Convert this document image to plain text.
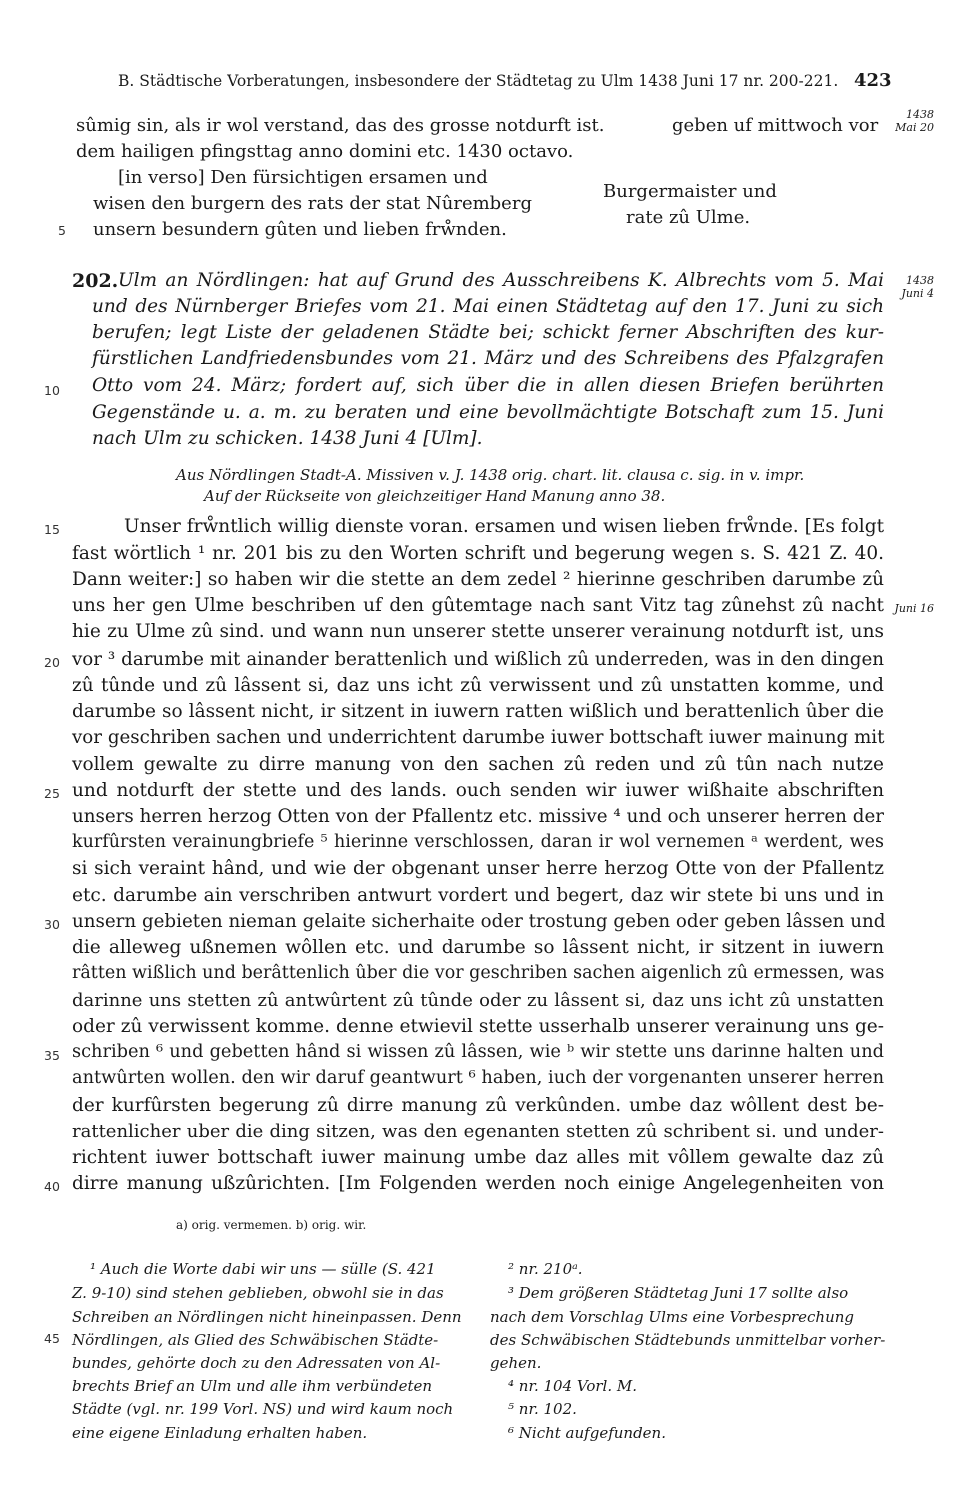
B. Städtische Vorberatungen, insbesondere der Städtetag zu Ulm 1438 Juni 17 nr. 200-221. 423
sûmig sin, als ir wol verstand, das des grosse notdurft ist.
dem hailigen pfingsttag anno domini etc. 1430 octavo.
[in verso] Den fürsichtigen ersamen und
wisen den burgern des rats der stat Nûremberg
unsern besundern gûten und lieben frẘnden.
geben uf mittwoch vor
Burgermaister und
rate zû Ulme.
1438
Mai 20
202.	1438
Juni 4
Ulm an Nördlingen: hat auf Grund des Ausschreibens K. Albrechts vom 5. Mai
und des Nürnberger Briefes vom 21. Mai einen Städtetag auf den 17. Juni zu sich
berufen; legt Liste der geladenen Städte bei; schickt ferner Abschriften des kur-
fürstlichen Landfriedensbundes vom 21. März und des Schreibens des Pfalzgrafen
Otto vom 24. März; fordert auf, sich über die in allen diesen Briefen berührten
Gegenstände u. a. m. zu beraten und eine bevollmächtigte Botschaft zum 15. Juni
nach Ulm zu schicken. 1438 Juni 4 [Ulm].
Aus Nördlingen Stadt-A. Missiven v. J. 1438 orig. chart. lit. clausa c. sig. in v. impr.
Auf der Rückseite von gleichzeitiger Hand Manung anno 38.
Unser frẘntlich willig dienste voran. ersamen und wisen lieben frẘnde. [Es folgt
fast wörtlich ¹ nr. 201 bis zu den Worten schrift und begerung wegen s. S. 421 Z. 40.
Dann weiter:] so haben wir die stette an dem zedel ² hierinne geschriben darumbe zû
uns her gen Ulme beschriben uf den gûtemtage nach sant Vitz tag zûnehst zû nacht
hie zu Ulme zû sind. und wann nun unserer stette unserer verainung notdurft ist, uns
vor ³ darumbe mit ainander berattenlich und wißlich zû underreden, was in den dingen
zû tûnde und zû lâssent si, daz uns icht zû verwissent und zû unstatten komme, und
darumbe so lâssent nicht, ir sitzent in iuwern ratten wißlich und berattenlich ûber die
vor geschriben sachen und underrichtent darumbe iuwer bottschaft iuwer mainung mit
vollem gewalte zu dirre manung von den sachen zû reden und zû tûn nach nutze
und notdurft der stette und des lands. ouch senden wir iuwer wißhaite abschriften
unsers herren herzog Otten von der Pfallentz etc. missive ⁴ und och unserer herren der
kurfûrsten verainungbriefe ⁵ hierinne verschlossen, daran ir wol vernemen ᵃ werdent, wes
si sich veraint hând, und wie der obgenant unser herre herzog Otte von der Pfallentz
etc. darumbe ain verschriben antwurt vordert und begert, daz wir stete bi uns und in
unsern gebieten nieman gelaite sicherhaite oder trostung geben oder geben lâssen und
die alleweg ußnemen wôllen etc. und darumbe so lâssent nicht, ir sitzent in iuwern
râtten wißlich und berâttenlich ûber die vor geschriben sachen aigenlich zû ermessen, was
darinne uns stetten zû antwûrtent zû tûnde oder zu lâssent si, daz uns icht zû unstatten
oder zû verwissent komme. denne etwievil stette usserhalb unserer verainung uns ge-
schriben ⁶ und gebetten hând si wissen zû lâssen, wie ᵇ wir stette uns darinne halten und
antwûrten wollen. den wir daruf geantwurt ⁶ haben, iuch der vorgenanten unserer herren
der kurfûrsten begerung zû dirre manung zû verkûnden. umbe daz wôllent dest be-
rattenlicher uber die ding sitzen, was den egenanten stetten zû schribent si. und under-
richtent iuwer bottschaft iuwer mainung umbe daz alles mit vôllem gewalte daz zû
dirre manung ußzûrichten. [Im Folgenden werden noch einige Angelegenheiten von
Juni 16
5
10
15
20
25
30
35
40
45
a) orig. vermemen. b) orig. wir.
¹ Auch die Worte dabi wir uns — sülle (S. 421
Z. 9-10) sind stehen geblieben, obwohl sie in das
Schreiben an Nördlingen nicht hineinpassen. Denn
Nördlingen, als Glied des Schwäbischen Städte-
bundes, gehörte doch zu den Adressaten von Al-
brechts Brief an Ulm und alle ihm verbündeten
Städte (vgl. nr. 199 Vorl. NS) und wird kaum noch
eine eigene Einladung erhalten haben.
² nr. 210ᵃ.
³ Dem größeren Städtetag Juni 17 sollte also
nach dem Vorschlag Ulms eine Vorbesprechung
des Schwäbischen Städtebunds unmittelbar vorher-
gehen.
⁴ nr. 104 Vorl. M.
⁵ nr. 102.
⁶ Nicht aufgefunden.
